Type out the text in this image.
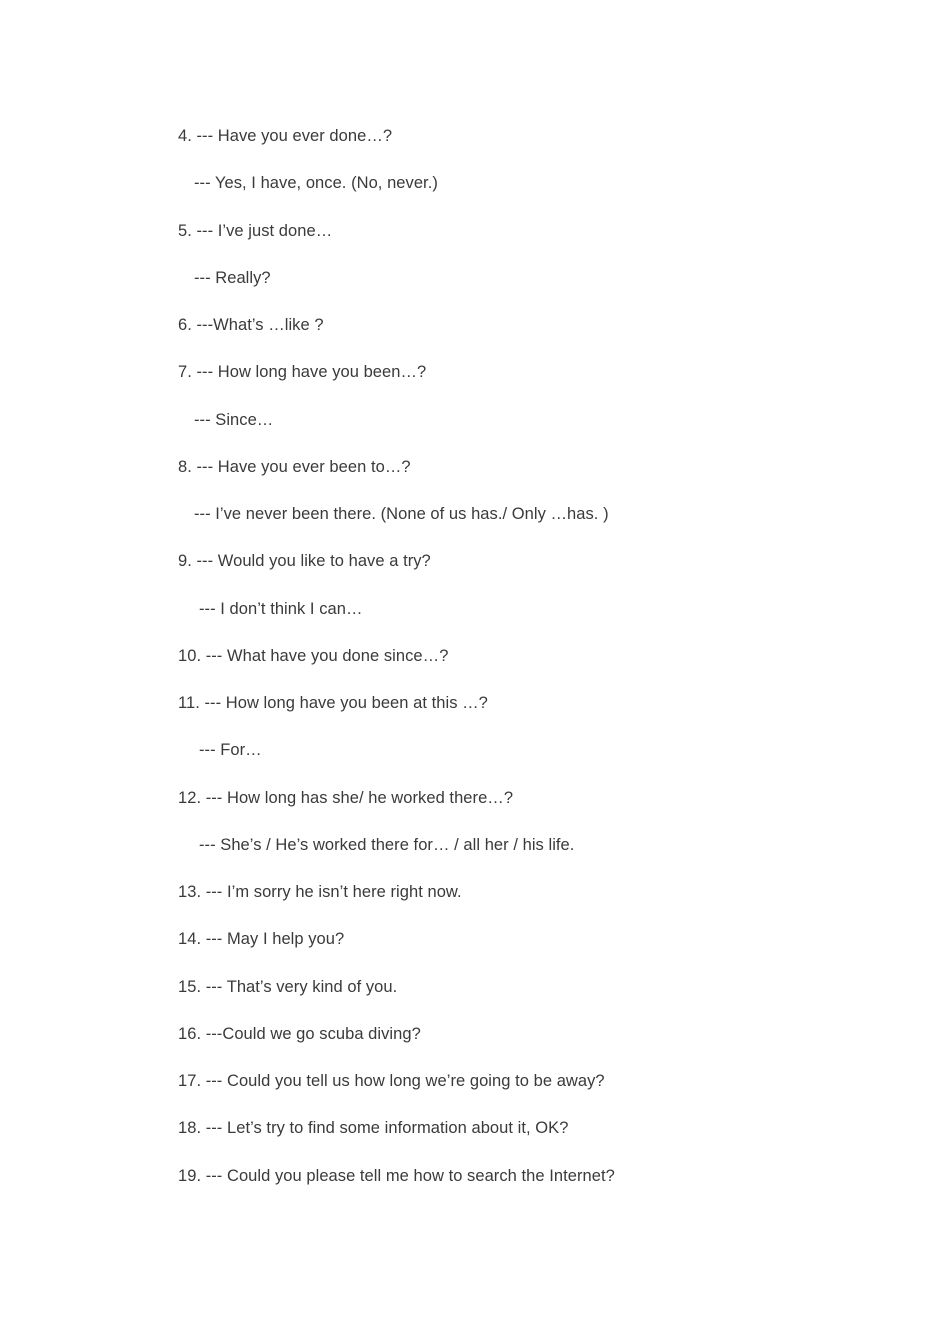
4. --- Have you ever done…?
--- Yes, I have, once. (No, never.)
5. --- I’ve just done…
--- Really?
6. ---What’s …like ?
7. --- How long have you been…?
--- Since…
8. --- Have you ever been to…?
--- I’ve never been there. (None of us has./ Only …has. )
9. --- Would you like to have a try?
--- I don’t think I can…
10. --- What have you done since…?
11. --- How long have you been at this …?
--- For…
12. --- How long has she/ he worked there…?
--- She’s / He’s worked there for… / all her / his life.
13. --- I’m sorry he isn’t here right now.
14. --- May I help you?
15. --- That’s very kind of you.
16. ---Could we go scuba diving?
17. --- Could you tell us how long we’re going to be away?
18. --- Let’s try to find some information about it, OK?
19. --- Could you please tell me how to search the Internet?
